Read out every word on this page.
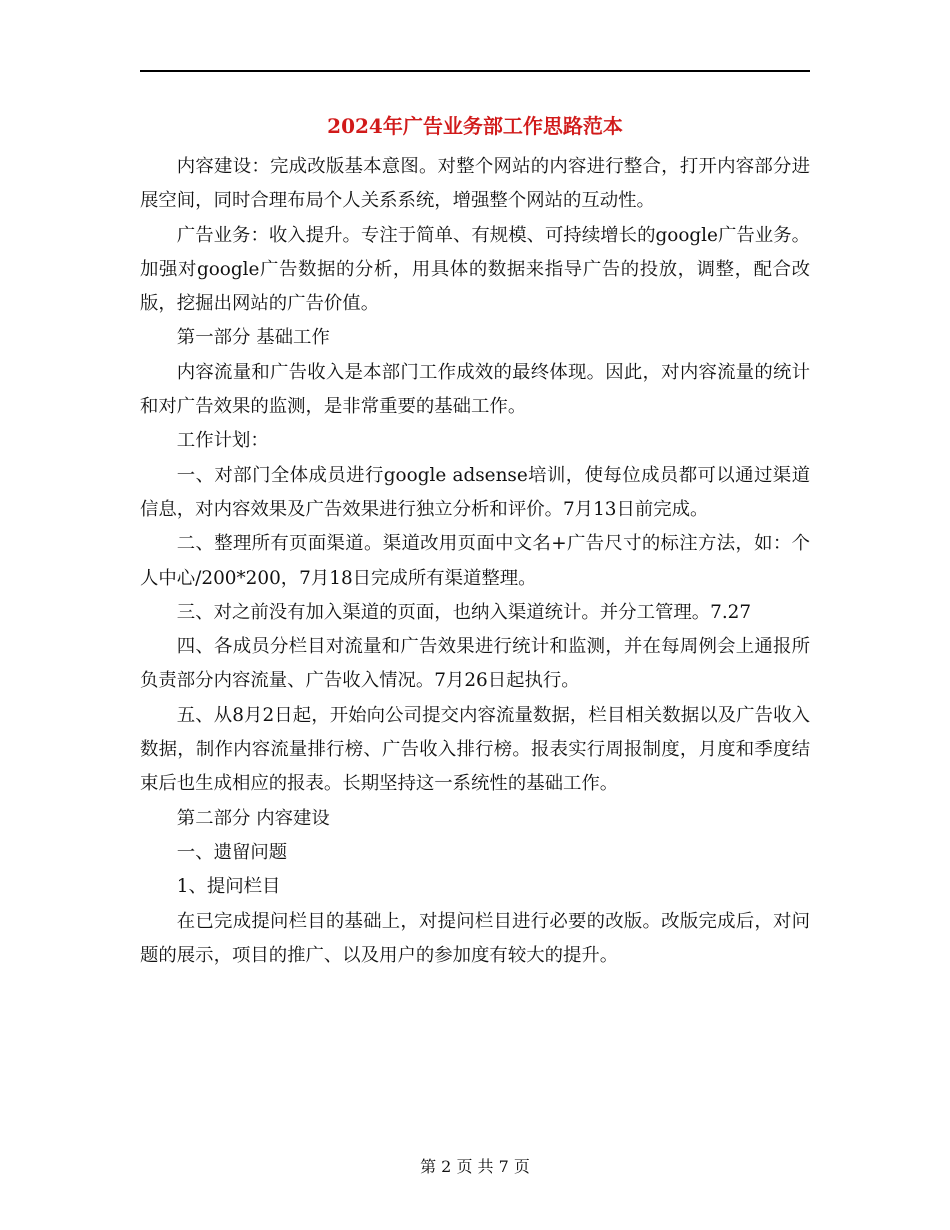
2024年广告业务部工作思路范本

内容建设：完成改版基本意图。对整个网站的内容进行整合，打开内容部分进展空间，同时合理布局个人关系系统，增强整个网站的互动性。

广告业务：收入提升。专注于简单、有规模、可持续增长的google广告业务。加强对google广告数据的分析，用具体的数据来指导广告的投放，调整，配合改版，挖掘出网站的广告价值。

第一部分 基础工作

内容流量和广告收入是本部门工作成效的最终体现。因此，对内容流量的统计和对广告效果的监测，是非常重要的基础工作。

工作计划：

一、对部门全体成员进行google adsense培训，使每位成员都可以通过渠道信息，对内容效果及广告效果进行独立分析和评价。7月13日前完成。

二、整理所有页面渠道。渠道改用页面中文名+广告尺寸的标注方法，如：个人中心/200*200，7月18日完成所有渠道整理。

三、对之前没有加入渠道的页面，也纳入渠道统计。并分工管理。7.27

四、各成员分栏目对流量和广告效果进行统计和监测，并在每周例会上通报所负责部分内容流量、广告收入情况。7月26日起执行。

五、从8月2日起，开始向公司提交内容流量数据，栏目相关数据以及广告收入数据，制作内容流量排行榜、广告收入排行榜。报表实行周报制度，月度和季度结束后也生成相应的报表。长期坚持这一系统性的基础工作。

第二部分 内容建设

一、遗留问题

1、提问栏目

在已完成提问栏目的基础上，对提问栏目进行必要的改版。改版完成后，对问题的展示，项目的推广、以及用户的参加度有较大的提升。

第 2 页 共 7 页
